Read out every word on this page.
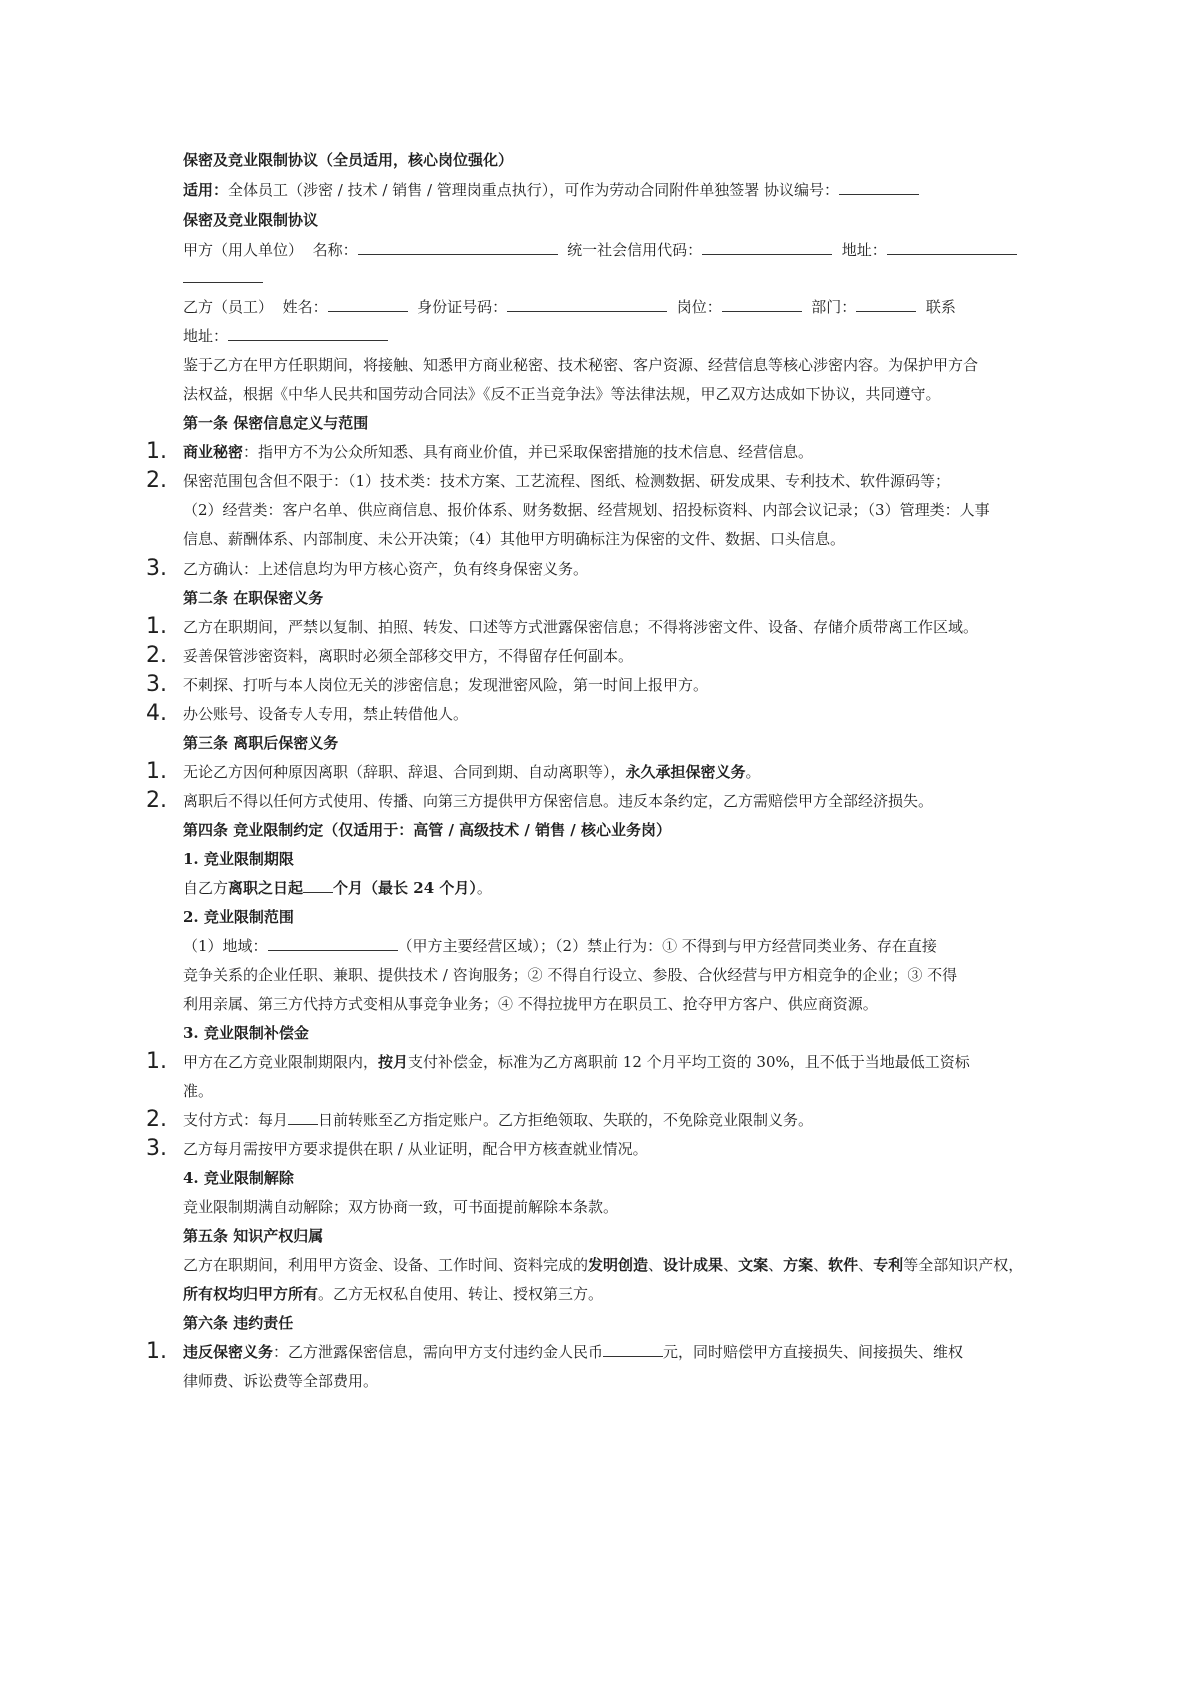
保密及竞业限制协议（全员适用，核心岗位强化）
适用：全体员工（涉密 / 技术 / 销售 / 管理岗重点执行），可作为劳动合同附件单独签署 协议编号：
保密及竞业限制协议
甲方（用人单位） 名称：	统一社会信用代码：	地址：
乙方（员工） 姓名：	身份证号码：	岗位：	部门：	联系
地址：
鉴于乙方在甲方任职期间，将接触、知悉甲方商业秘密、技术秘密、客户资源、经营信息等核心涉密内容。为保护甲方合
法权益，根据《中华人民共和国劳动合同法》《反不正当竞争法》等法律法规，甲乙双方达成如下协议，共同遵守。
第一条 保密信息定义与范围
1.	商业秘密：指甲方不为公众所知悉、具有商业价值，并已采取保密措施的技术信息、经营信息。
2.	保密范围包含但不限于：（1）技术类：技术方案、工艺流程、图纸、检测数据、研发成果、专利技术、软件源码等；
（2）经营类：客户名单、供应商信息、报价体系、财务数据、经营规划、招投标资料、内部会议记录；（3）管理类：人事
信息、薪酬体系、内部制度、未公开决策；（4）其他甲方明确标注为保密的文件、数据、口头信息。
3.	乙方确认：上述信息均为甲方核心资产，负有终身保密义务。
第二条 在职保密义务
1.	乙方在职期间，严禁以复制、拍照、转发、口述等方式泄露保密信息；不得将涉密文件、设备、存储介质带离工作区域。
2.	妥善保管涉密资料，离职时必须全部移交甲方，不得留存任何副本。
3.	不刺探、打听与本人岗位无关的涉密信息；发现泄密风险，第一时间上报甲方。
4.	办公账号、设备专人专用，禁止转借他人。
第三条 离职后保密义务
1.	无论乙方因何种原因离职（辞职、辞退、合同到期、自动离职等），永久承担保密义务。
2.	离职后不得以任何方式使用、传播、向第三方提供甲方保密信息。违反本条约定，乙方需赔偿甲方全部经济损失。
第四条 竞业限制约定（仅适用于：高管 / 高级技术 / 销售 / 核心业务岗）
1. 竞业限制期限
自乙方离职之日起 个月（最长 24 个月）。
2. 竞业限制范围
（1）地域：	（甲方主要经营区域）；（2）禁止行为：① 不得到与甲方经营同类业务、存在直接
竞争关系的企业任职、兼职、提供技术 / 咨询服务；② 不得自行设立、参股、合伙经营与甲方相竞争的企业；③ 不得
利用亲属、第三方代持方式变相从事竞争业务；④ 不得拉拢甲方在职员工、抢夺甲方客户、供应商资源。
3. 竞业限制补偿金
1.	甲方在乙方竞业限制期限内，按月支付补偿金，标准为乙方离职前 12 个月平均工资的 30%，且不低于当地最低工资标
准。
2.	支付方式：每月 日前转账至乙方指定账户。乙方拒绝领取、失联的，不免除竞业限制义务。
3.	乙方每月需按甲方要求提供在职 / 从业证明，配合甲方核查就业情况。
4. 竞业限制解除
竞业限制期满自动解除；双方协商一致，可书面提前解除本条款。
第五条 知识产权归属
乙方在职期间，利用甲方资金、设备、工作时间、资料完成的发明创造、设计成果、文案、方案、软件、专利等全部知识产权，
所有权均归甲方所有。乙方无权私自使用、转让、授权第三方。
第六条 违约责任
1.	违反保密义务：乙方泄露保密信息，需向甲方支付违约金人民币	元，同时赔偿甲方直接损失、间接损失、维权
律师费、诉讼费等全部费用。
